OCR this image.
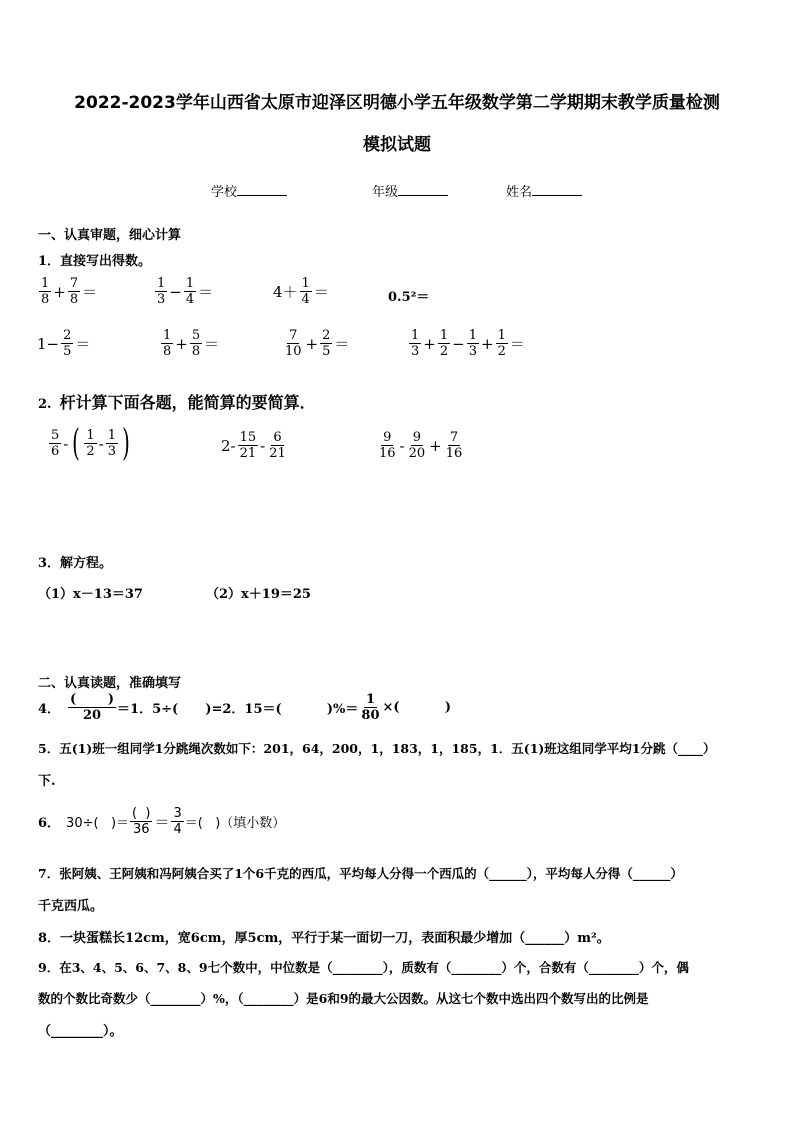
2022-2023学年山西省太原市迎泽区明德小学五年级数学第二学期期末教学质量检测
模拟试题
学校	年级	姓名
一、认真审题，细心计算
1．直接写出得数。
$\frac{1}{8} + \frac{7}{8}$ ＝	$\frac{1}{3} - \frac{1}{4}$ ＝	$4+ \frac{1}{4}$ ＝	0.5²＝
$1- \frac{2}{5}$ ＝	$\frac{1}{8} + \frac{5}{8}$ ＝	$\frac{7}{10} + \frac{2}{5}$ ＝	$\frac{1}{3} + \frac{1}{2} - \frac{1}{3} + \frac{1}{2}$ ＝
2. 杆计算下面各题，能简算的要简算．
$\frac{5}{6}$ - ( $\frac{1}{2} - \frac{1}{3}$ )	$2- \frac{15}{21} - \frac{6}{21}$	$\frac{9}{16} - \frac{9}{20} + \frac{7}{16}$
3．解方程。
（1）x－13＝37	（2）x＋19＝25
二、认真读题，准确填写
4． $\frac{( )}{20} =1$．5÷(      )=2．15＝(          )%＝ $\frac{1}{80}$ ×(          )
5．五(1)班一组同学1分跳绳次数如下：201，64，200，1，183，1，185，1．五(1)班这组同学平均1分跳（____）
下.
6． 30÷(   )＝ $\frac{( )}{36} = \frac{3}{4}$ ＝(   )（填小数）
7．张阿姨、王阿姨和冯阿姨合买了1个6千克的西瓜，平均每人分得一个西瓜的（______），平均每人分得（______）
千克西瓜。
8．一块蛋糕长12cm，宽6cm，厚5cm，平行于某一面切一刀，表面积最少增加（______）m²。
9．在3、4、5、6、7、8、9七个数中，中位数是（________），质数有（________）个，合数有（________）个，偶
数的个数比奇数少（________）%，（________）是6和9的最大公因数。从这七个数中选出四个数写出的比例是
（________）。
